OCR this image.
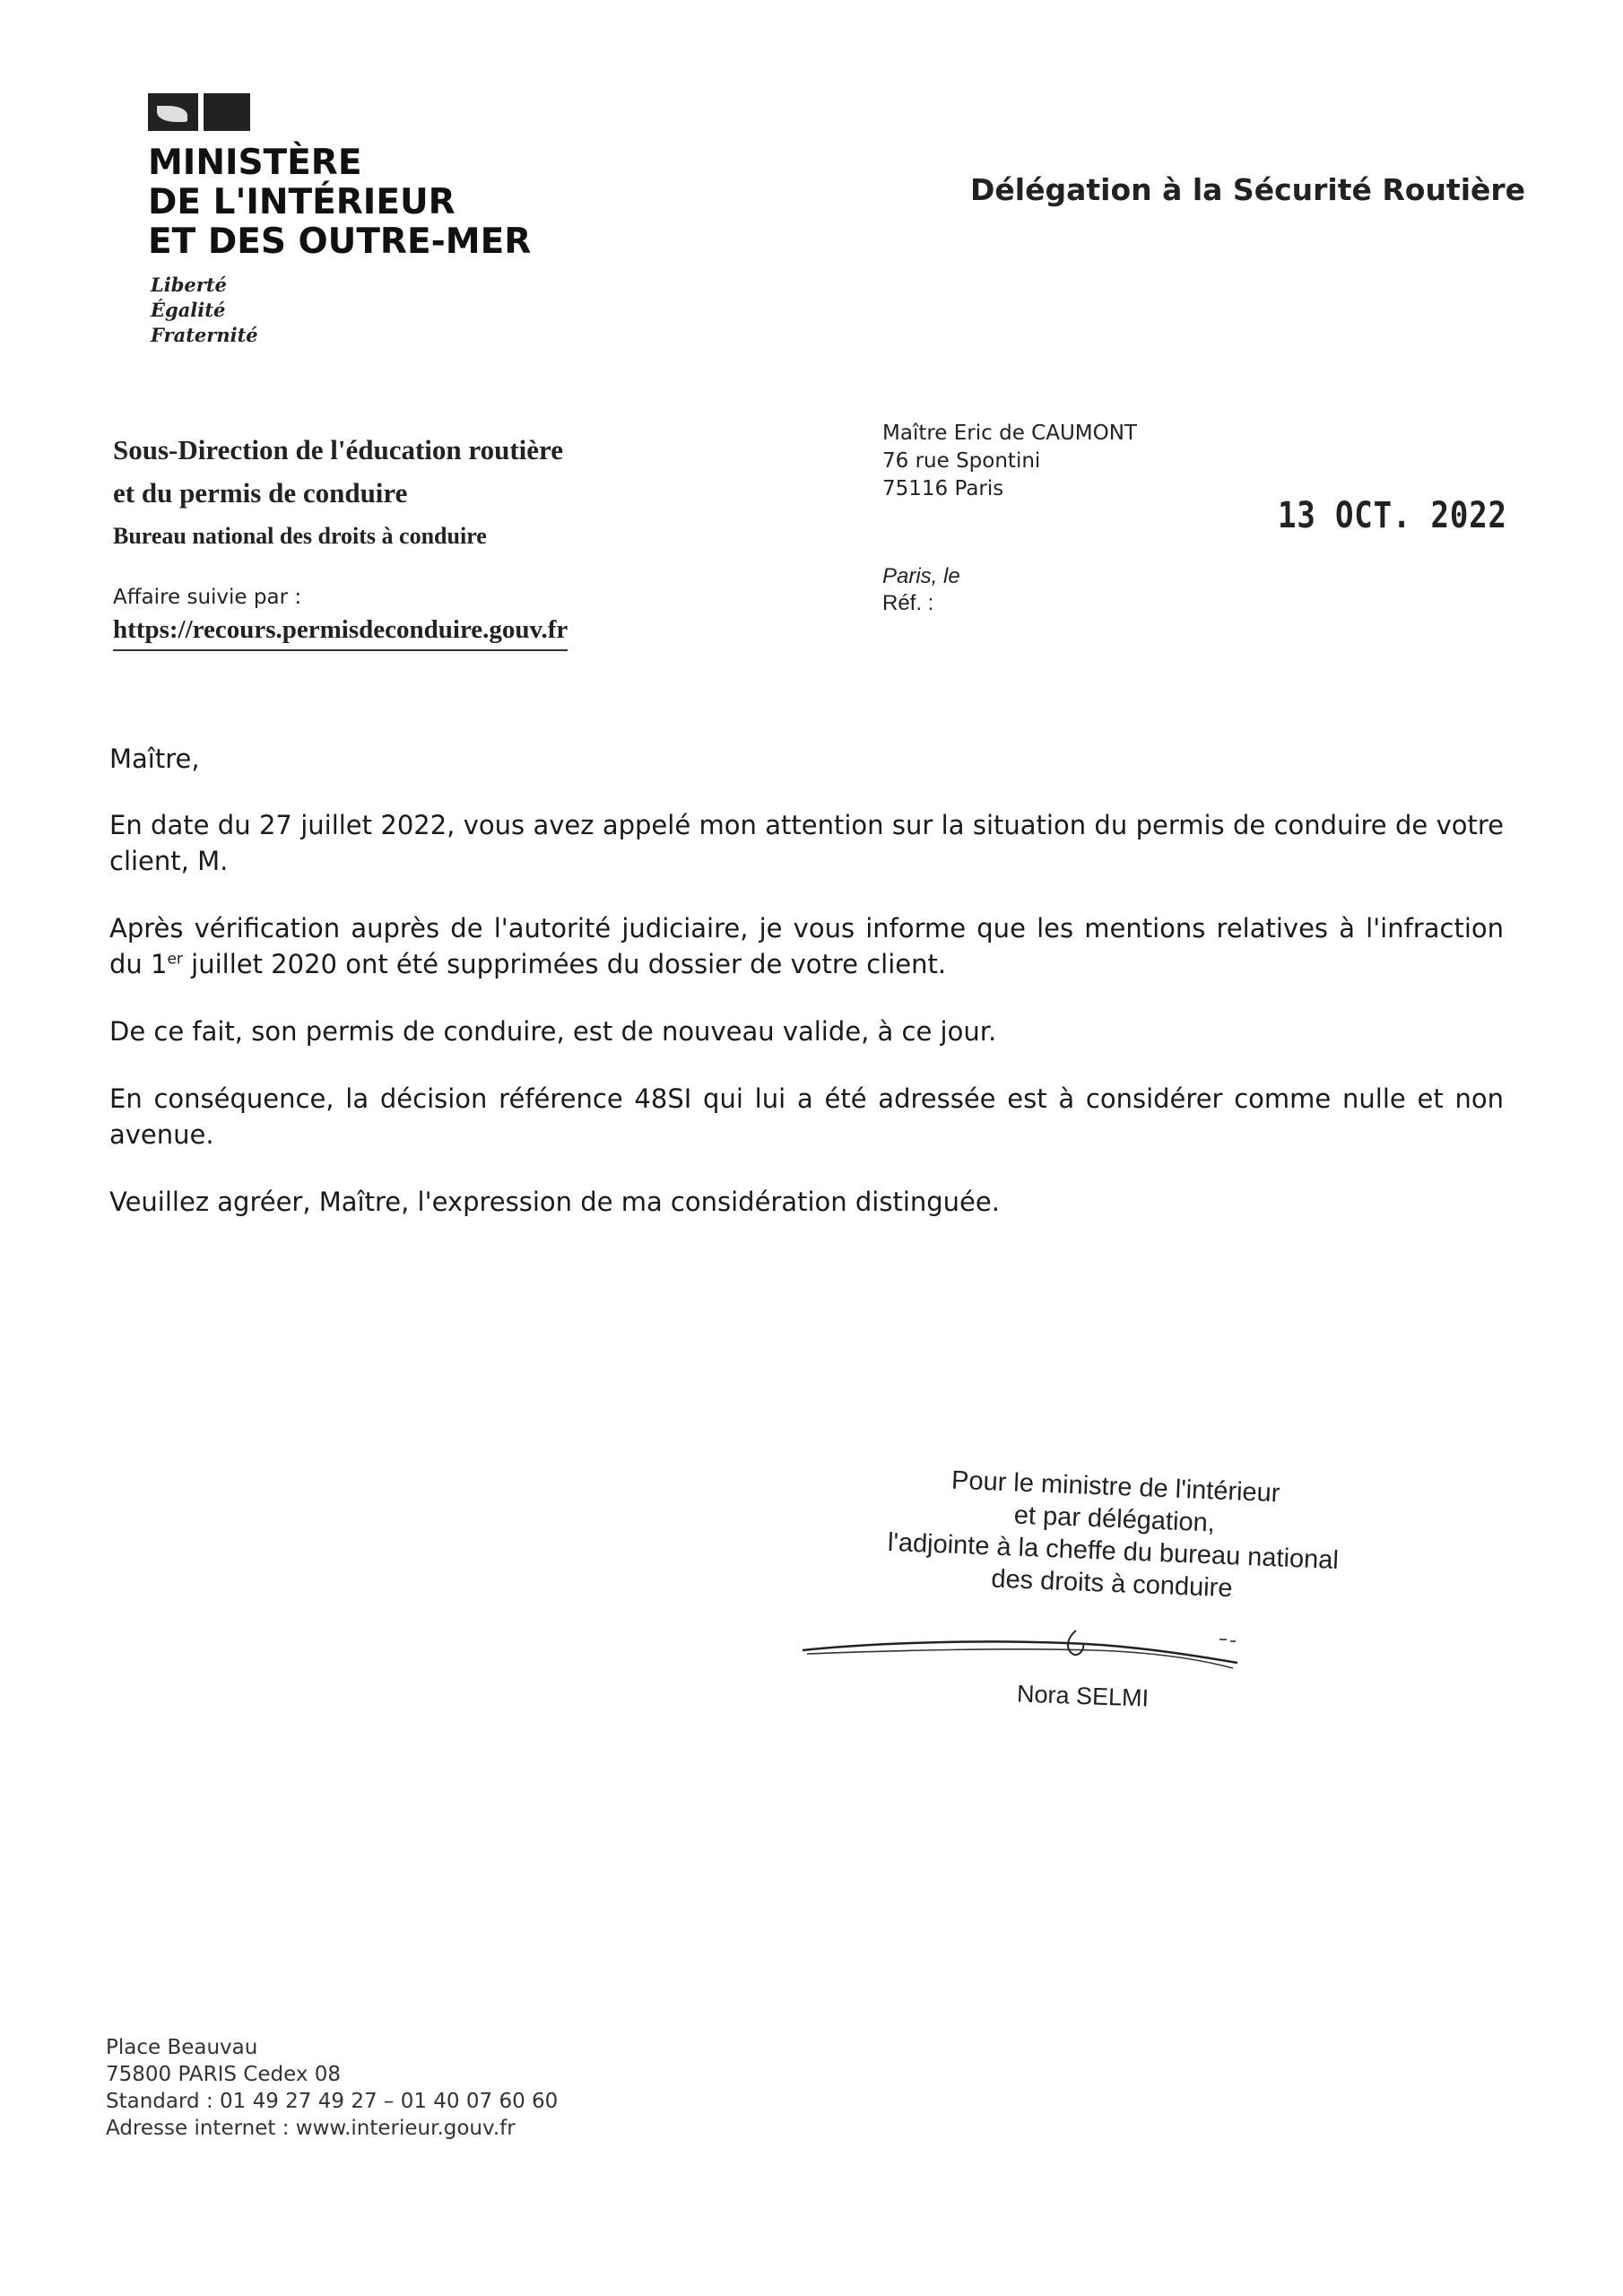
MINISTÈRE
DE L'INTÉRIEUR
ET DES OUTRE-MER
Liberté
Égalité
Fraternité
Délégation à la Sécurité Routière
Sous-Direction de l'éducation routière
et du permis de conduire
Bureau national des droits à conduire
Affaire suivie par :
https://recours.permisdeconduire.gouv.fr
Maître Eric de CAUMONT
76 rue Spontini
75116 Paris
13 OCT. 2022
Paris, le
Réf. :

Maître,

En date du 27 juillet 2022, vous avez appelé mon attention sur la situation du permis de conduire de votre client, M.

Après vérification auprès de l'autorité judiciaire, je vous informe que les mentions relatives à l'infraction du 1er juillet 2020 ont été supprimées du dossier de votre client.

De ce fait, son permis de conduire, est de nouveau valide, à ce jour.

En conséquence, la décision référence 48SI qui lui a été adressée est à considérer comme nulle et non avenue.

Veuillez agréer, Maître, l'expression de ma considération distinguée.

Pour le ministre de l'intérieur
et par délégation,
l'adjointe à la cheffe du bureau national
des droits à conduire
Nora SELMI
Place Beauvau
75800 PARIS Cedex 08
Standard : 01 49 27 49 27 – 01 40 07 60 60
Adresse internet : www.interieur.gouv.fr
